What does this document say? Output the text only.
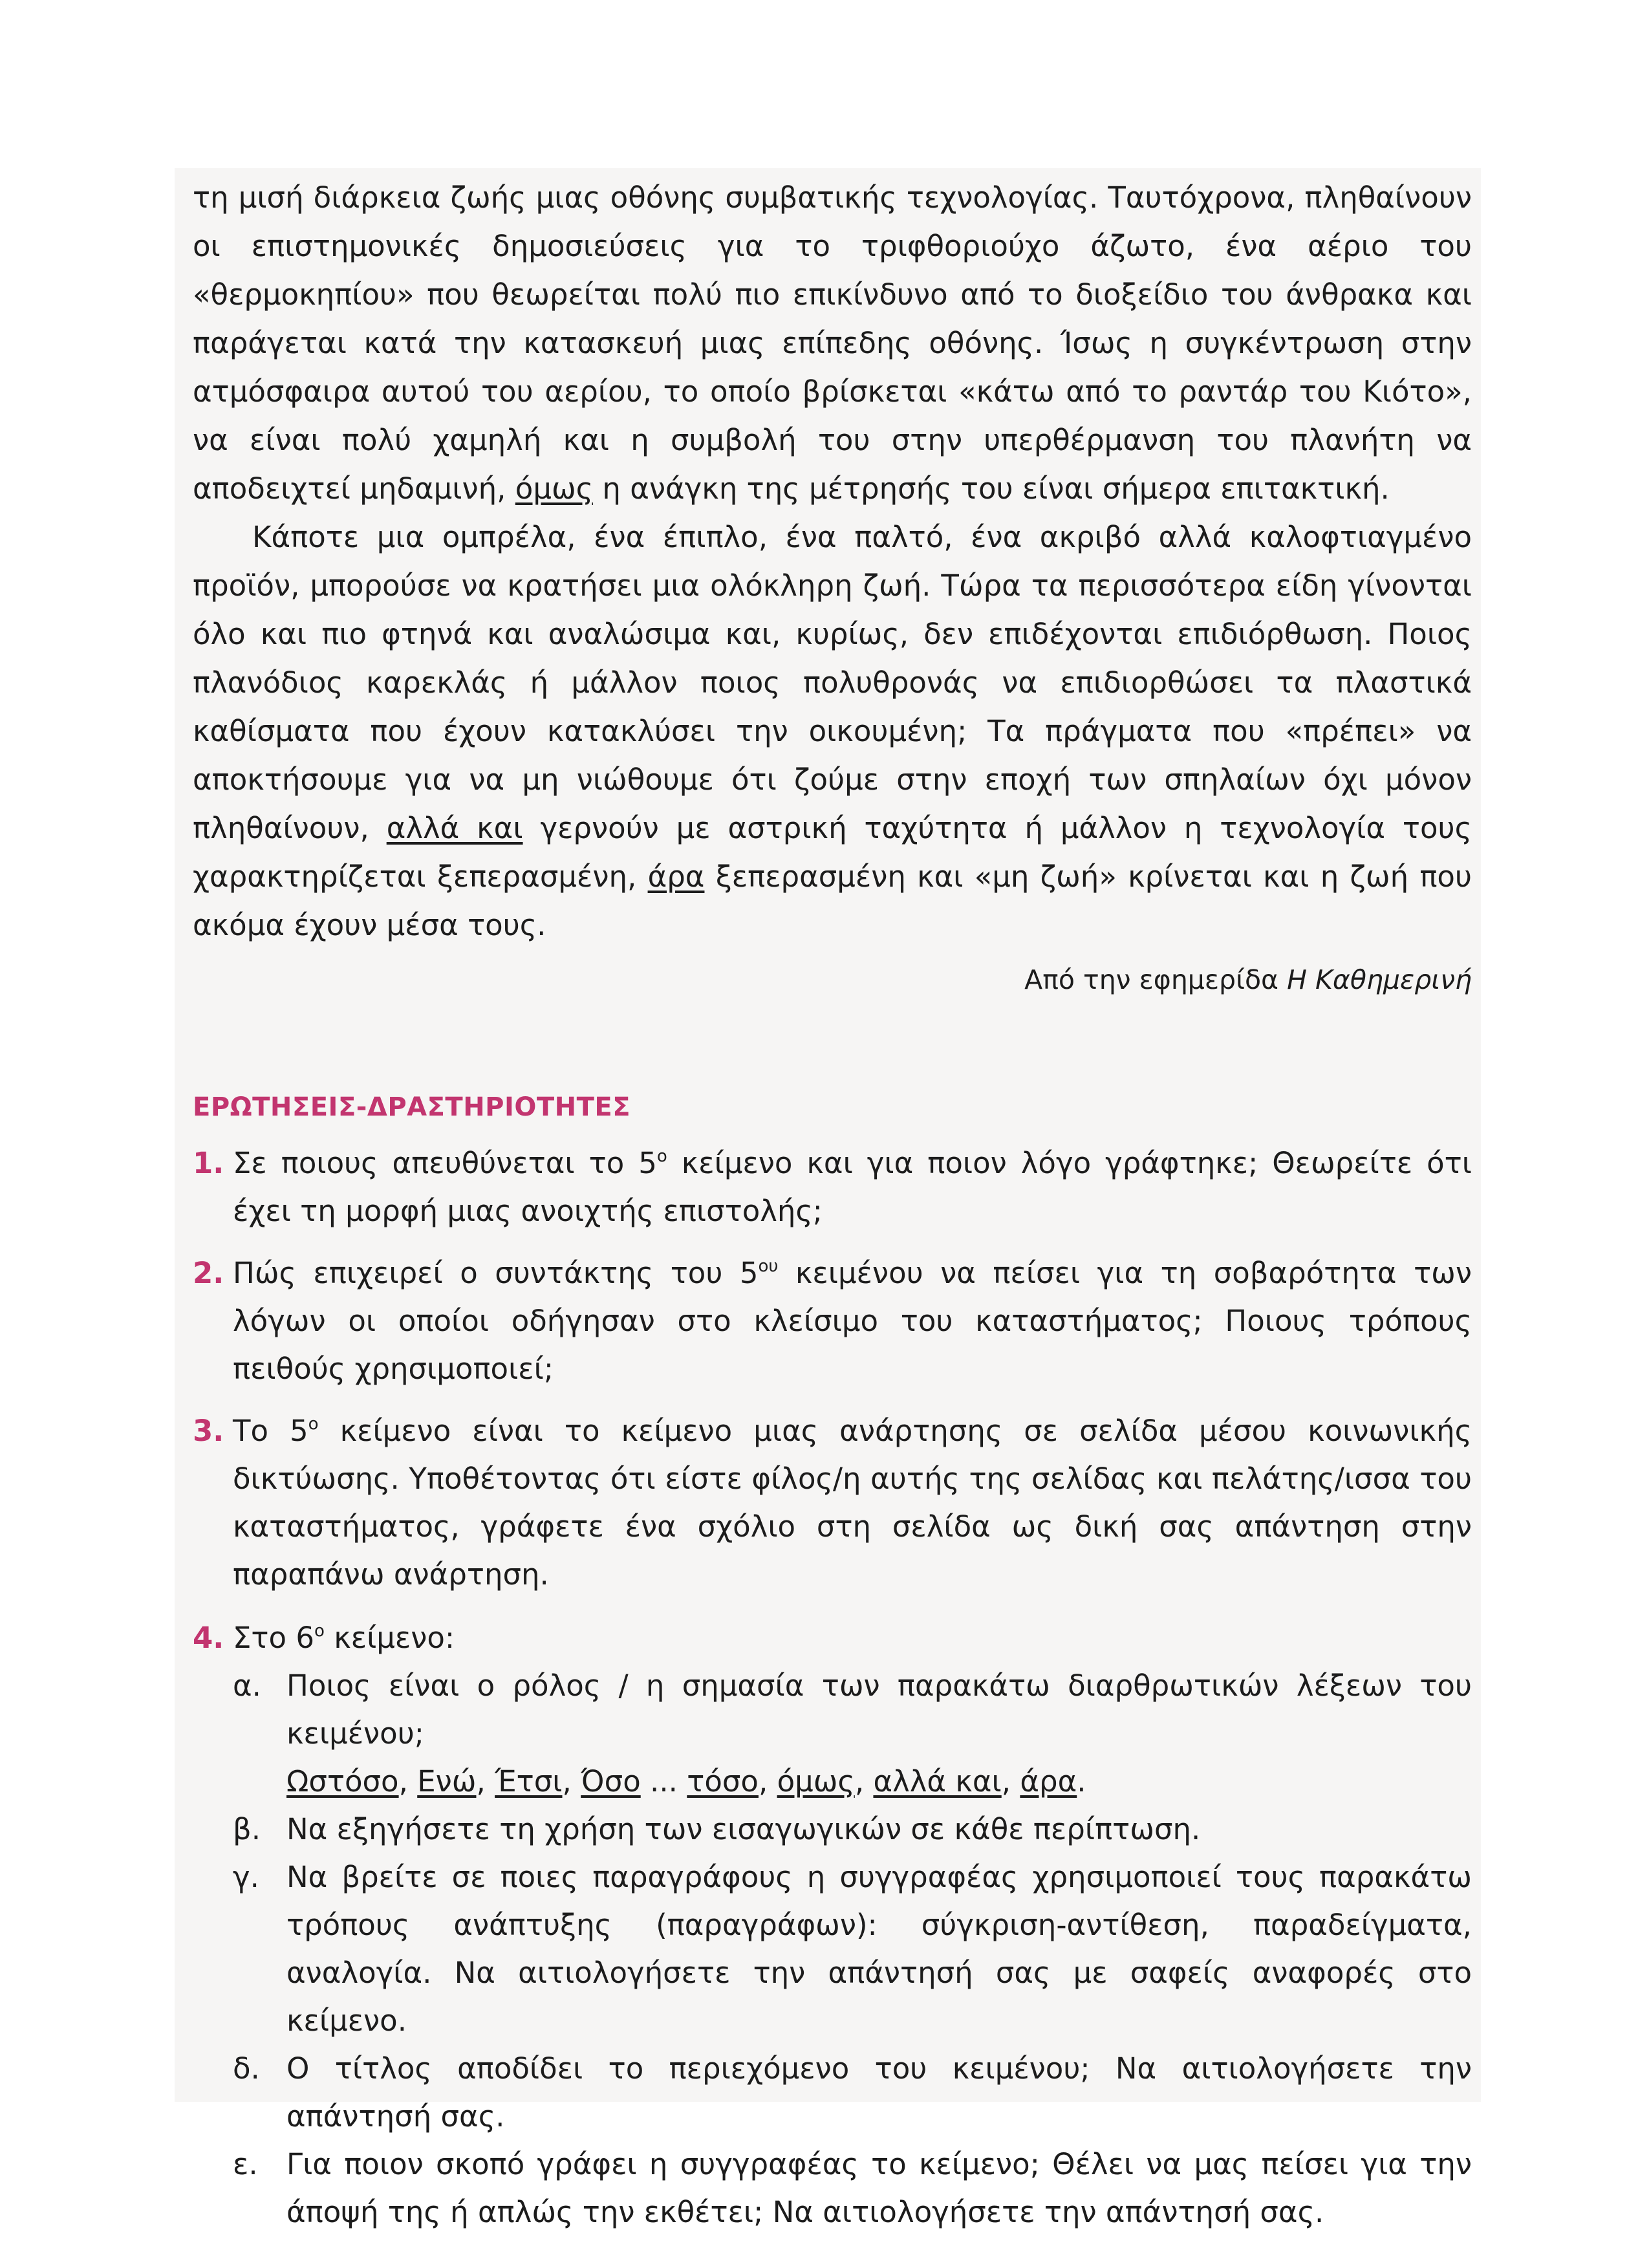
τη μισή διάρκεια ζωής μιας οθόνης συμβατικής τεχνολογίας. Ταυτόχρονα, πληθαίνουν οι επιστημονικές δημοσιεύσεις για το τριφθοριούχο άζωτο, ένα αέριο του «θερμοκηπίου» που θεωρείται πολύ πιο επικίνδυνο από το διοξείδιο του άνθρακα και παράγεται κατά την κατασκευή μιας επίπεδης οθόνης. Ίσως η συγκέντρωση στην ατμόσφαιρα αυτού του αερίου, το οποίο βρίσκεται «κάτω από το ραντάρ του Κιότο», να είναι πολύ χαμηλή και η συμβολή του στην υπερθέρμανση του πλανήτη να αποδειχτεί μηδαμινή, όμως η ανάγκη της μέτρησής του είναι σήμερα επιτακτική.

Κάποτε μια ομπρέλα, ένα έπιπλο, ένα παλτό, ένα ακριβό αλλά καλοφτιαγμένο προϊόν, μπορούσε να κρατήσει μια ολόκληρη ζωή. Τώρα τα περισσότερα είδη γίνονται όλο και πιο φτηνά και αναλώσιμα και, κυρίως, δεν επιδέχονται επιδιόρθωση. Ποιος πλανόδιος καρεκλάς ή μάλλον ποιος πολυθρονάς να επιδιορθώσει τα πλαστικά καθίσματα που έχουν κατακλύσει την οικουμένη; Τα πράγματα που «πρέπει» να αποκτήσουμε για να μη νιώθουμε ότι ζούμε στην εποχή των σπηλαίων όχι μόνον πληθαίνουν, αλλά και γερνούν με αστρική ταχύτητα ή μάλλον η τεχνολογία τους χαρακτηρίζεται ξεπερασμένη, άρα ξεπερασμένη και «μη ζωή» κρίνεται και η ζωή που ακόμα έχουν μέσα τους.

Από την εφημερίδα Η Καθημερινή
ΕΡΩΤΗΣΕΙΣ-ΔΡΑΣΤΗΡΙΟΤΗΤΕΣ
1. Σε ποιους απευθύνεται το $5^o$ κείμενο και για ποιον λόγο γράφτηκε; Θεωρείτε ότι έχει τη μορφή μιας ανοιχτής επιστολής;
2. Πώς επιχειρεί ο συντάκτης του $5^{o\upsilon}$ κειμένου να πείσει για τη σοβαρότητα των λόγων οι οποίοι οδήγησαν στο κλείσιμο του καταστήματος; Ποιους τρόπους πειθούς χρησιμοποιεί;
3. Το $5^o$ κείμενο είναι το κείμενο μιας ανάρτησης σε σελίδα μέσου κοινωνικής δικτύωσης. Υποθέτοντας ότι είστε φίλος/η αυτής της σελίδας και πελάτης/ισσα του καταστήματος, γράφετε ένα σχόλιο στη σελίδα ως δική σας απάντηση στην παραπάνω ανάρτηση.
4. Στο $6^o$ κείμενο:
α. Ποιος είναι ο ρόλος / η σημασία των παρακάτω διαρθρωτικών λέξεων του κειμένου;
Ωστόσο, Ενώ, Έτσι, Όσο ... τόσο, όμως, αλλά και, άρα.
β. Να εξηγήσετε τη χρήση των εισαγωγικών σε κάθε περίπτωση.
γ. Να βρείτε σε ποιες παραγράφους η συγγραφέας χρησιμοποιεί τους παρακάτω τρόπους ανάπτυξης (παραγράφων): σύγκριση-αντίθεση, παραδείγματα, αναλογία. Να αιτιολογήσετε την απάντησή σας με σαφείς αναφορές στο κείμενο.
δ. Ο τίτλος αποδίδει το περιεχόμενο του κειμένου; Να αιτιολογήσετε την απάντησή σας.
ε. Για ποιον σκοπό γράφει η συγγραφέας το κείμενο; Θέλει να μας πείσει για την άποψή της ή απλώς την εκθέτει; Να αιτιολογήσετε την απάντησή σας.
